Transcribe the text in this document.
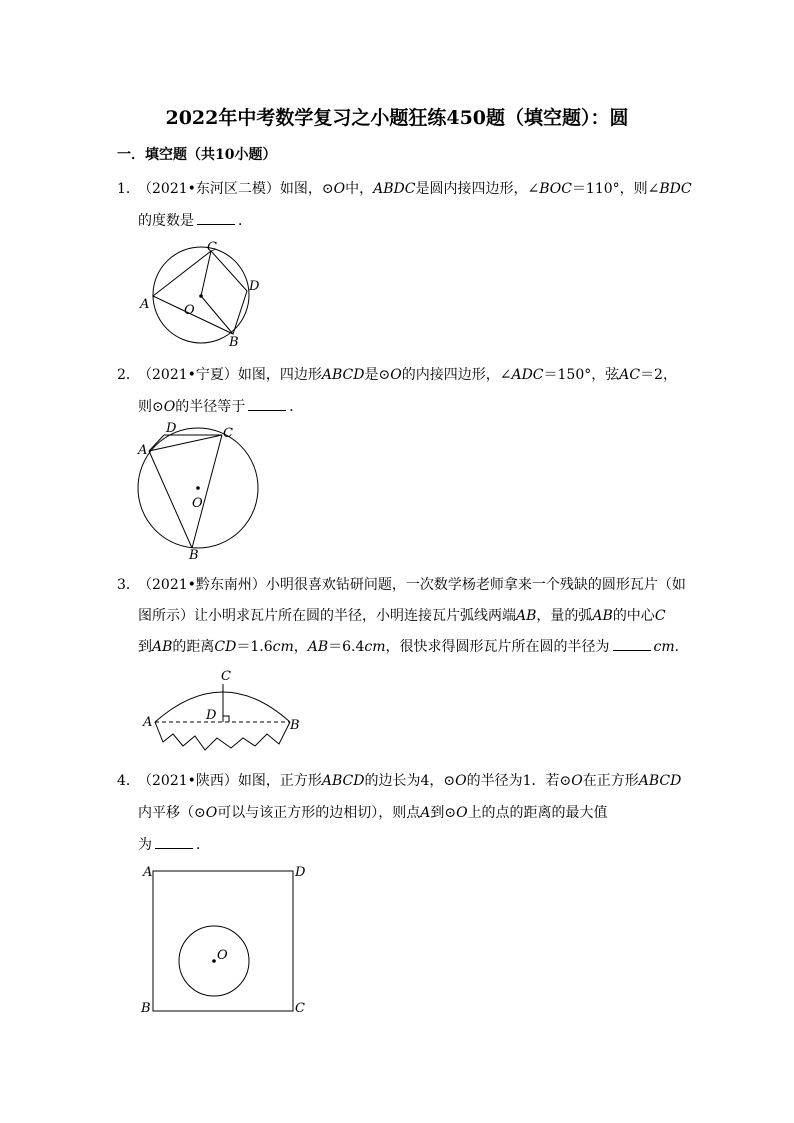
2022年中考数学复习之小题狂练450题（填空题）：圆
一．填空题（共10小题）
1．
（2021•东河区二模）如图，⊙O中，ABDC是圆内接四边形，∠BOC＝110°，则∠BDC
的度数是	．
A
C
D
B
O
2．
（2021•宁夏）如图，四边形ABCD是⊙O的内接四边形，∠ADC＝150°，弦AC＝2，
则⊙O的半径等于	．
A
D	C
O
B
3．
（2021•黔东南州）小明很喜欢钻研问题，一次数学杨老师拿来一个残缺的圆形瓦片（如
图所示）让小明求瓦片所在圆的半径，小明连接瓦片弧线两端AB，量的弧AB的中心C
到AB的距离CD＝1.6cm，AB＝6.4cm，很快求得圆形瓦片所在圆的半径为	cm．
A	B
C
D
4．
（2021•陕西）如图，正方形ABCD的边长为4，⊙O的半径为1．若⊙O在正方形ABCD
内平移（⊙O可以与该正方形的边相切），则点A到⊙O上的点的距离的最大值
为	．
A	D
B	C
O
